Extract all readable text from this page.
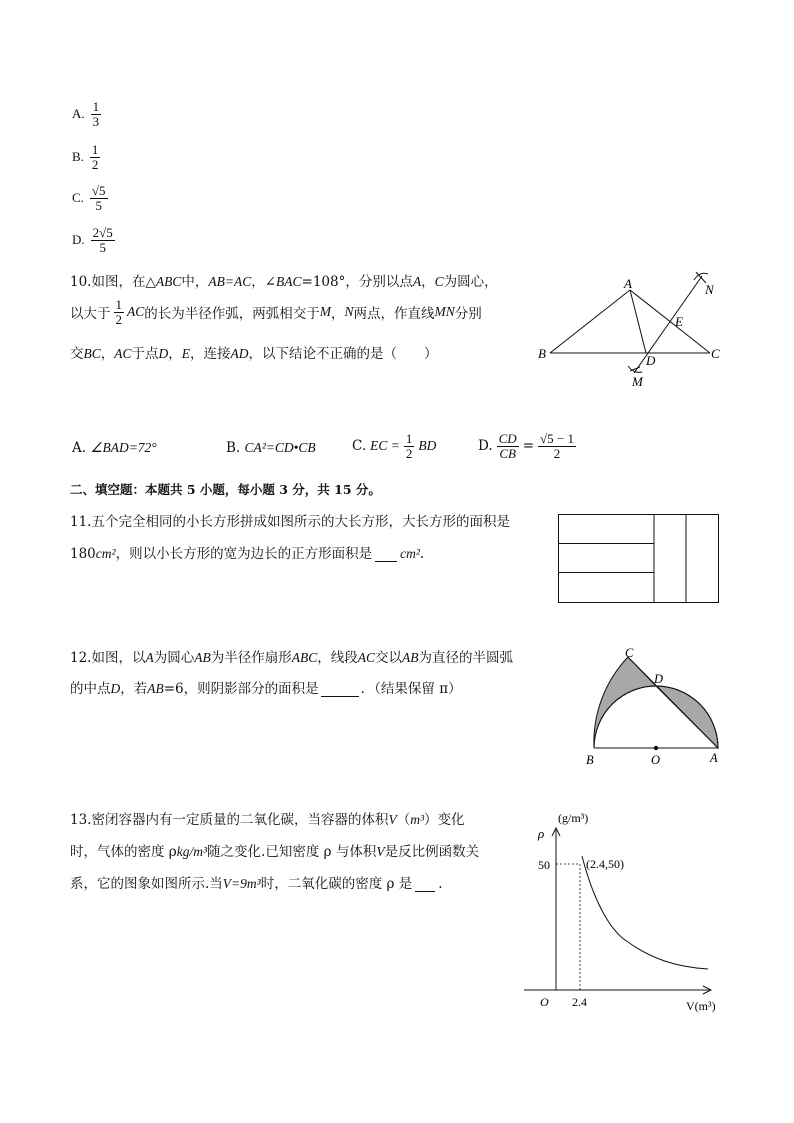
A. $\frac{1}{3}$
B. $\frac{1}{2}$
C. $\frac{√5}{5}$
D. $\frac{2√5}{5}$
10.如图，在△ABC中，AB=AC，∠BAC=108°，分别以点A，C为圆心，
以大于 $\frac{1}{2}$ AC 的长为半径作弧，两弧相交于 M ， N 两点，作直线 MN 分别
交BC，AC于点D，E，连接AD，以下结论不正确的是（　　）
A
B	C
D
E
M
N
A. ∠BAD=72°	B. CA²=CD•CB	C. EC = $\frac{1}{2}$ BD	D. $\frac{CD}{CB} = \frac{√5 - 1}{2}$
二、填空题：本题共 5 小题，每小题 3 分，共 15 分。
11.五个完全相同的小长方形拼成如图所示的大长方形，大长方形的面积是
180cm²，则以小长方形的宽为边长的正方形面积是 cm².
12.如图，以A为圆心AB为半径作扇形ABC，线段AC交以AB为直径的半圆弧
的中点D，若AB=6，则阴影部分的面积是	．（结果保留 π）
C
D
B	O	A
13.密闭容器内有一定质量的二氧化碳，当容器的体积V（m³）变化
时，气体的密度 ρkg/m³随之变化.已知密度 ρ 与体积V是反比例函数关
系，它的图象如图所示.当V=9m³时，二氧化碳的密度 ρ 是 .
(g/m³)
ρ
50	(2.4,50)
O 2.4	V(m³)
